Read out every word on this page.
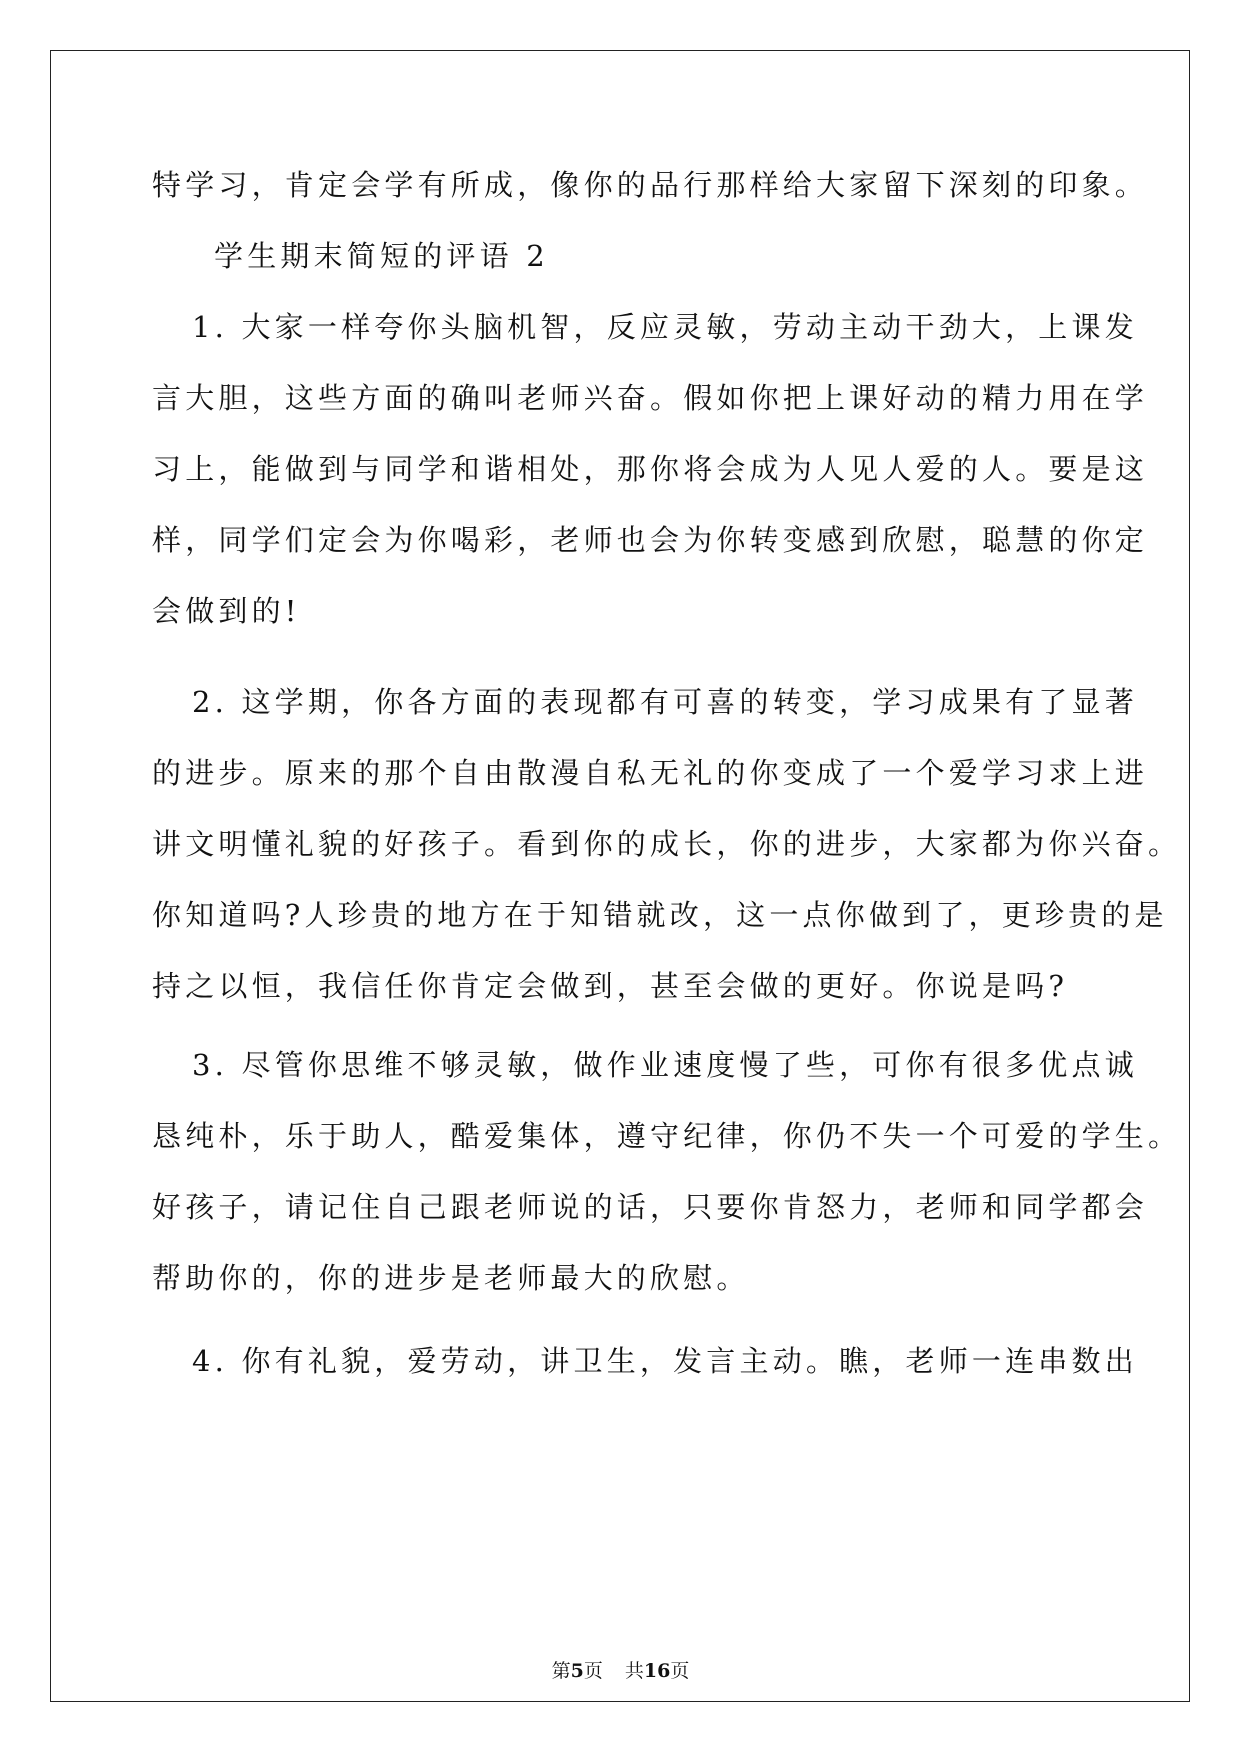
特学习，肯定会学有所成，像你的品行那样给大家留下深刻的印象。
学生期末简短的评语 2
1. 大家一样夸你头脑机智，反应灵敏，劳动主动干劲大，上课发
言大胆，这些方面的确叫老师兴奋。假如你把上课好动的精力用在学
习上，能做到与同学和谐相处，那你将会成为人见人爱的人。要是这
样，同学们定会为你喝彩，老师也会为你转变感到欣慰，聪慧的你定
会做到的!
2. 这学期，你各方面的表现都有可喜的转变，学习成果有了显著
的进步。原来的那个自由散漫自私无礼的你变成了一个爱学习求上进
讲文明懂礼貌的好孩子。看到你的成长，你的进步，大家都为你兴奋。
你知道吗?人珍贵的地方在于知错就改，这一点你做到了，更珍贵的是
持之以恒，我信任你肯定会做到，甚至会做的更好。你说是吗?
3. 尽管你思维不够灵敏，做作业速度慢了些，可你有很多优点诚
恳纯朴，乐于助人，酷爱集体，遵守纪律，你仍不失一个可爱的学生。
好孩子，请记住自己跟老师说的话，只要你肯怒力，老师和同学都会
帮助你的，你的进步是老师最大的欣慰。
4. 你有礼貌，爱劳动，讲卫生，发言主动。瞧，老师一连串数出
第5页 共16页
